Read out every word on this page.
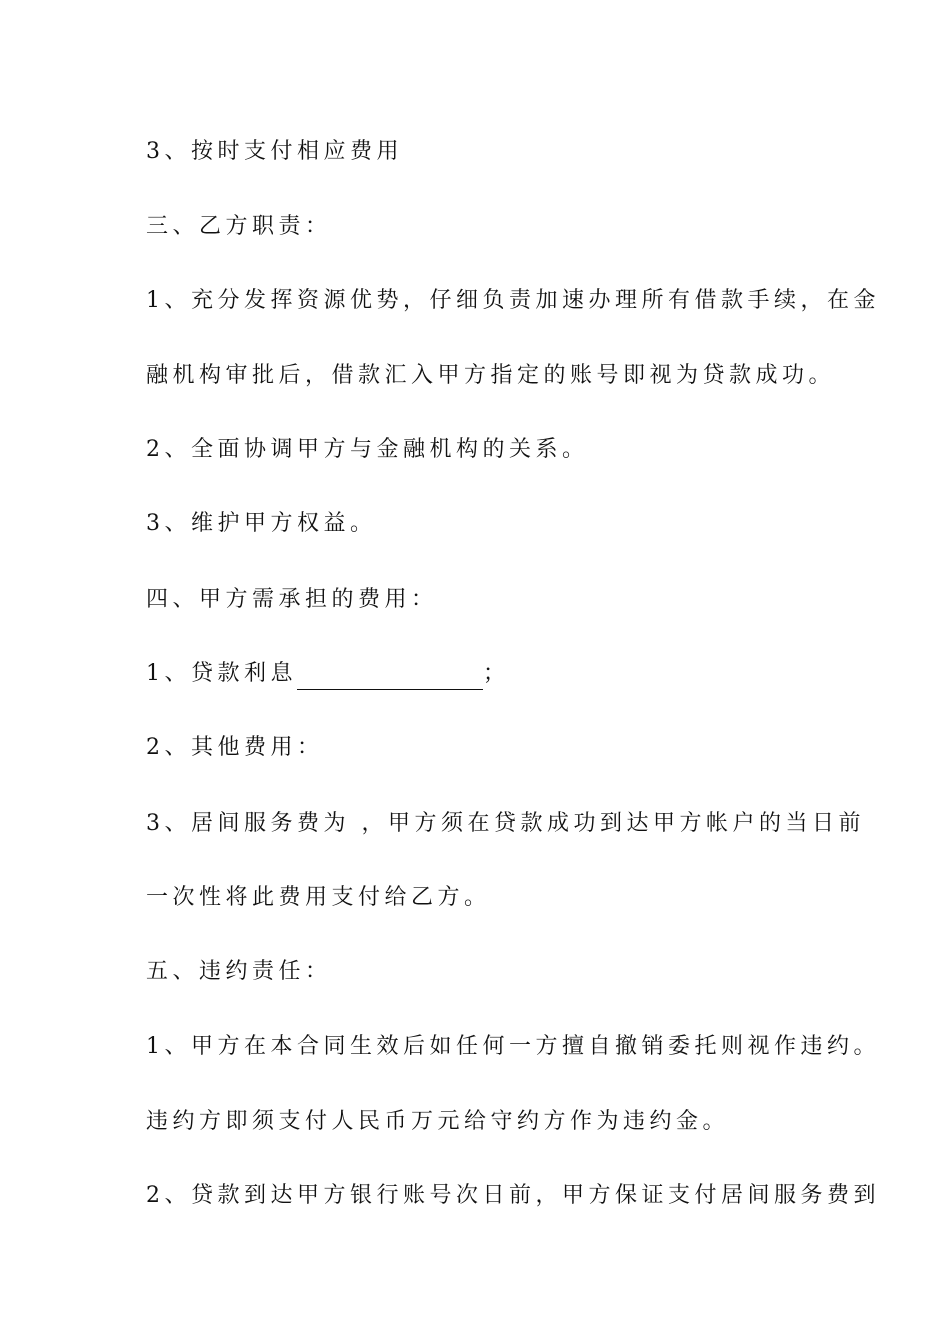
3、按时支付相应费用
三、乙方职责：
1、充分发挥资源优势，仔细负责加速办理所有借款手续，在金
融机构审批后，借款汇入甲方指定的账号即视为贷款成功。
2、全面协调甲方与金融机构的关系。
3、维护甲方权益。
四、甲方需承担的费用：
1、贷款利息	；
2、其他费用：
3、居间服务费为 ，甲方须在贷款成功到达甲方帐户的当日前
一次性将此费用支付给乙方。
五、违约责任：
1、甲方在本合同生效后如任何一方擅自撤销委托则视作违约。
违约方即须支付人民币万元给守约方作为违约金。
2、贷款到达甲方银行账号次日前，甲方保证支付居间服务费到
